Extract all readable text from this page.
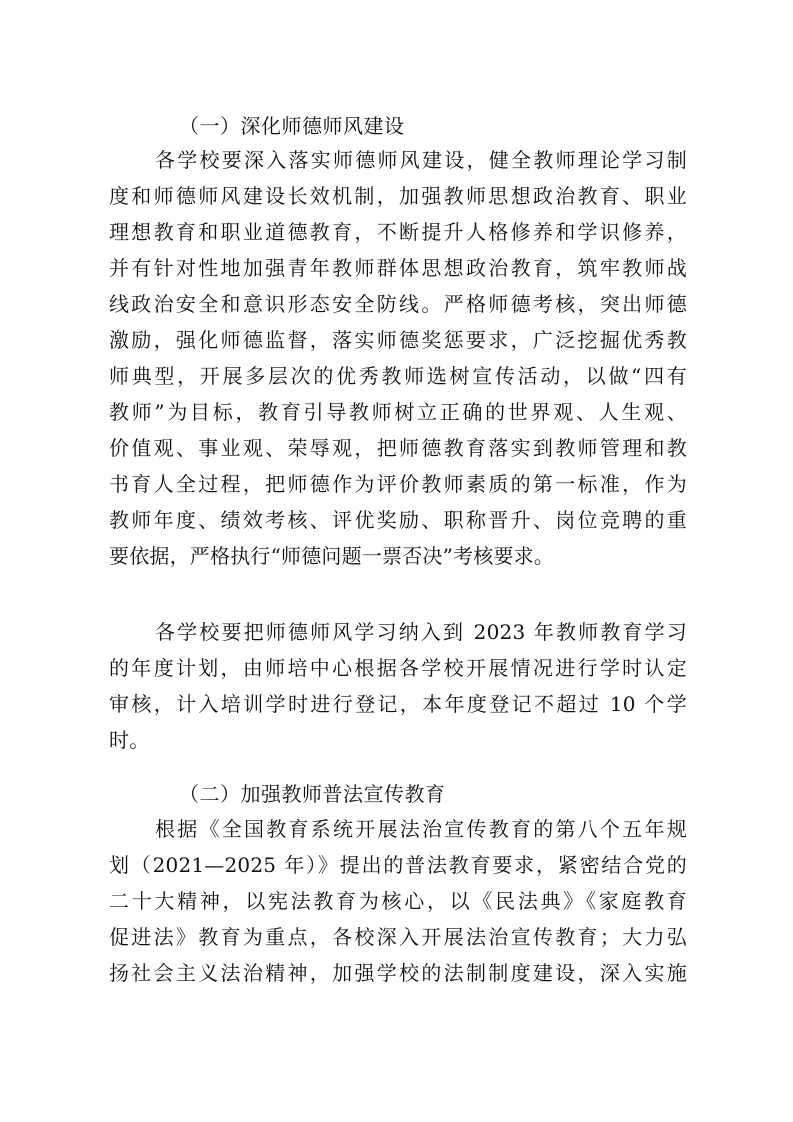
（一）深化师德师风建设
各学校要深入落实师德师风建设，健全教师理论学习制
度和师德师风建设长效机制，加强教师思想政治教育、职业
理想教育和职业道德教育，不断提升人格修养和学识修养，
并有针对性地加强青年教师群体思想政治教育，筑牢教师战
线政治安全和意识形态安全防线。严格师德考核，突出师德
激励，强化师德监督，落实师德奖惩要求，广泛挖掘优秀教
师典型，开展多层次的优秀教师选树宣传活动，以做“四有
教师”为目标，教育引导教师树立正确的世界观、人生观、
价值观、事业观、荣辱观，把师德教育落实到教师管理和教
书育人全过程，把师德作为评价教师素质的第一标准，作为
教师年度、绩效考核、评优奖励、职称晋升、岗位竞聘的重
要依据，严格执行“师德问题一票否决”考核要求。
各学校要把师德师风学习纳入到 2023 年教师教育学习
的年度计划，由师培中心根据各学校开展情况进行学时认定
审核，计入培训学时进行登记，本年度登记不超过 10 个学
时。
（二）加强教师普法宣传教育
根据《全国教育系统开展法治宣传教育的第八个五年规
划（2021—2025 年）》提出的普法教育要求，紧密结合党的
二十大精神，以宪法教育为核心，以《民法典》《家庭教育
促进法》教育为重点，各校深入开展法治宣传教育；大力弘
扬社会主义法治精神，加强学校的法制制度建设，深入实施
